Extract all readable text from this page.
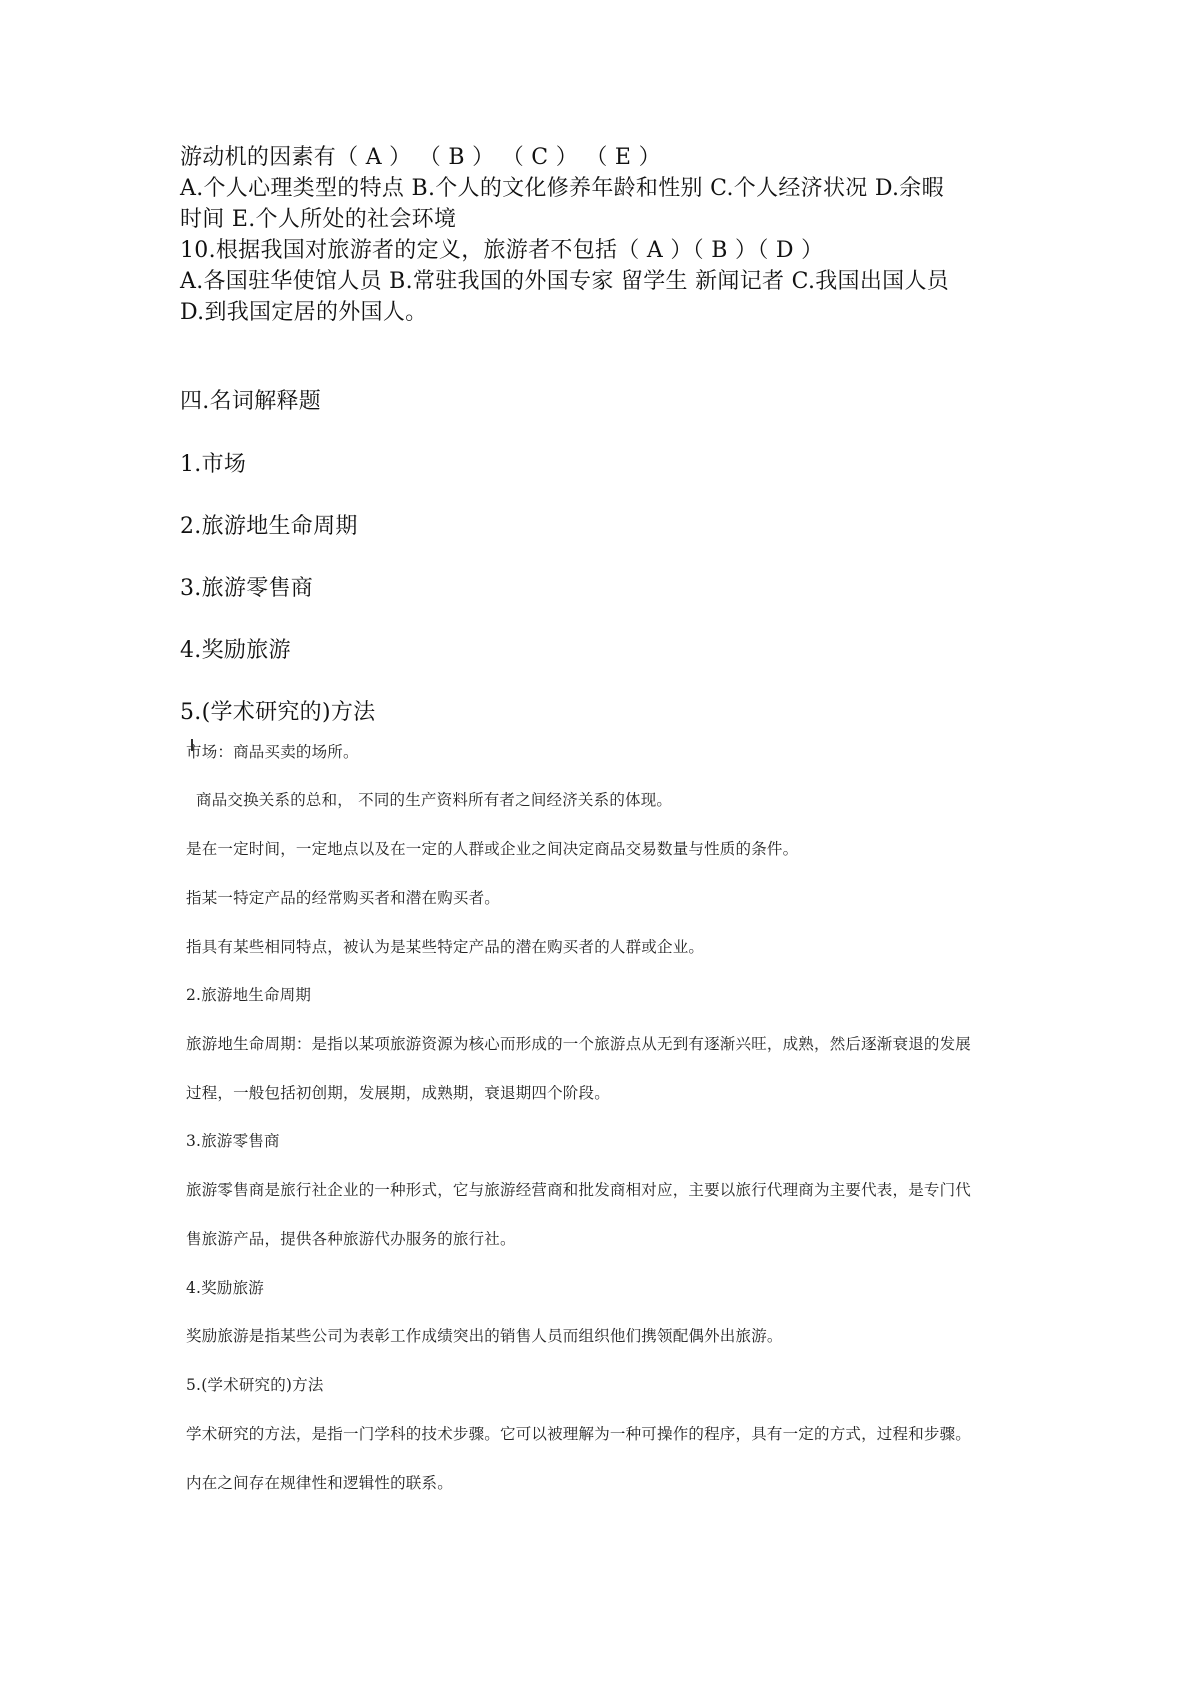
游动机的因素有（ A ） （ B ） （ C ） （ E ）
A.个人心理类型的特点 B.个人的文化修养年龄和性别 C.个人经济状况 D.余暇
时间 E.个人所处的社会环境
10.根据我国对旅游者的定义，旅游者不包括（ A ）（ B ）（ D ）
A.各国驻华使馆人员 B.常驻我国的外国专家 留学生 新闻记者 C.我国出国人员
D.到我国定居的外国人。
四.名词解释题
1.市场
2.旅游地生命周期
3.旅游零售商
4.奖励旅游
5.(学术研究的)方法
市场：商品买卖的场所。
商品交换关系的总和， 不同的生产资料所有者之间经济关系的体现。
是在一定时间，一定地点以及在一定的人群或企业之间决定商品交易数量与性质的条件。
指某一特定产品的经常购买者和潜在购买者。
指具有某些相同特点，被认为是某些特定产品的潜在购买者的人群或企业。
2.旅游地生命周期
旅游地生命周期：是指以某项旅游资源为核心而形成的一个旅游点从无到有逐渐兴旺，成熟，然后逐渐衰退的发展
过程，一般包括初创期，发展期，成熟期，衰退期四个阶段。
3.旅游零售商
旅游零售商是旅行社企业的一种形式，它与旅游经营商和批发商相对应，主要以旅行代理商为主要代表，是专门代
售旅游产品，提供各种旅游代办服务的旅行社。
4.奖励旅游
奖励旅游是指某些公司为表彰工作成绩突出的销售人员而组织他们携领配偶外出旅游。
5.(学术研究的)方法
学术研究的方法，是指一门学科的技术步骤。它可以被理解为一种可操作的程序，具有一定的方式，过程和步骤。
内在之间存在规律性和逻辑性的联系。
